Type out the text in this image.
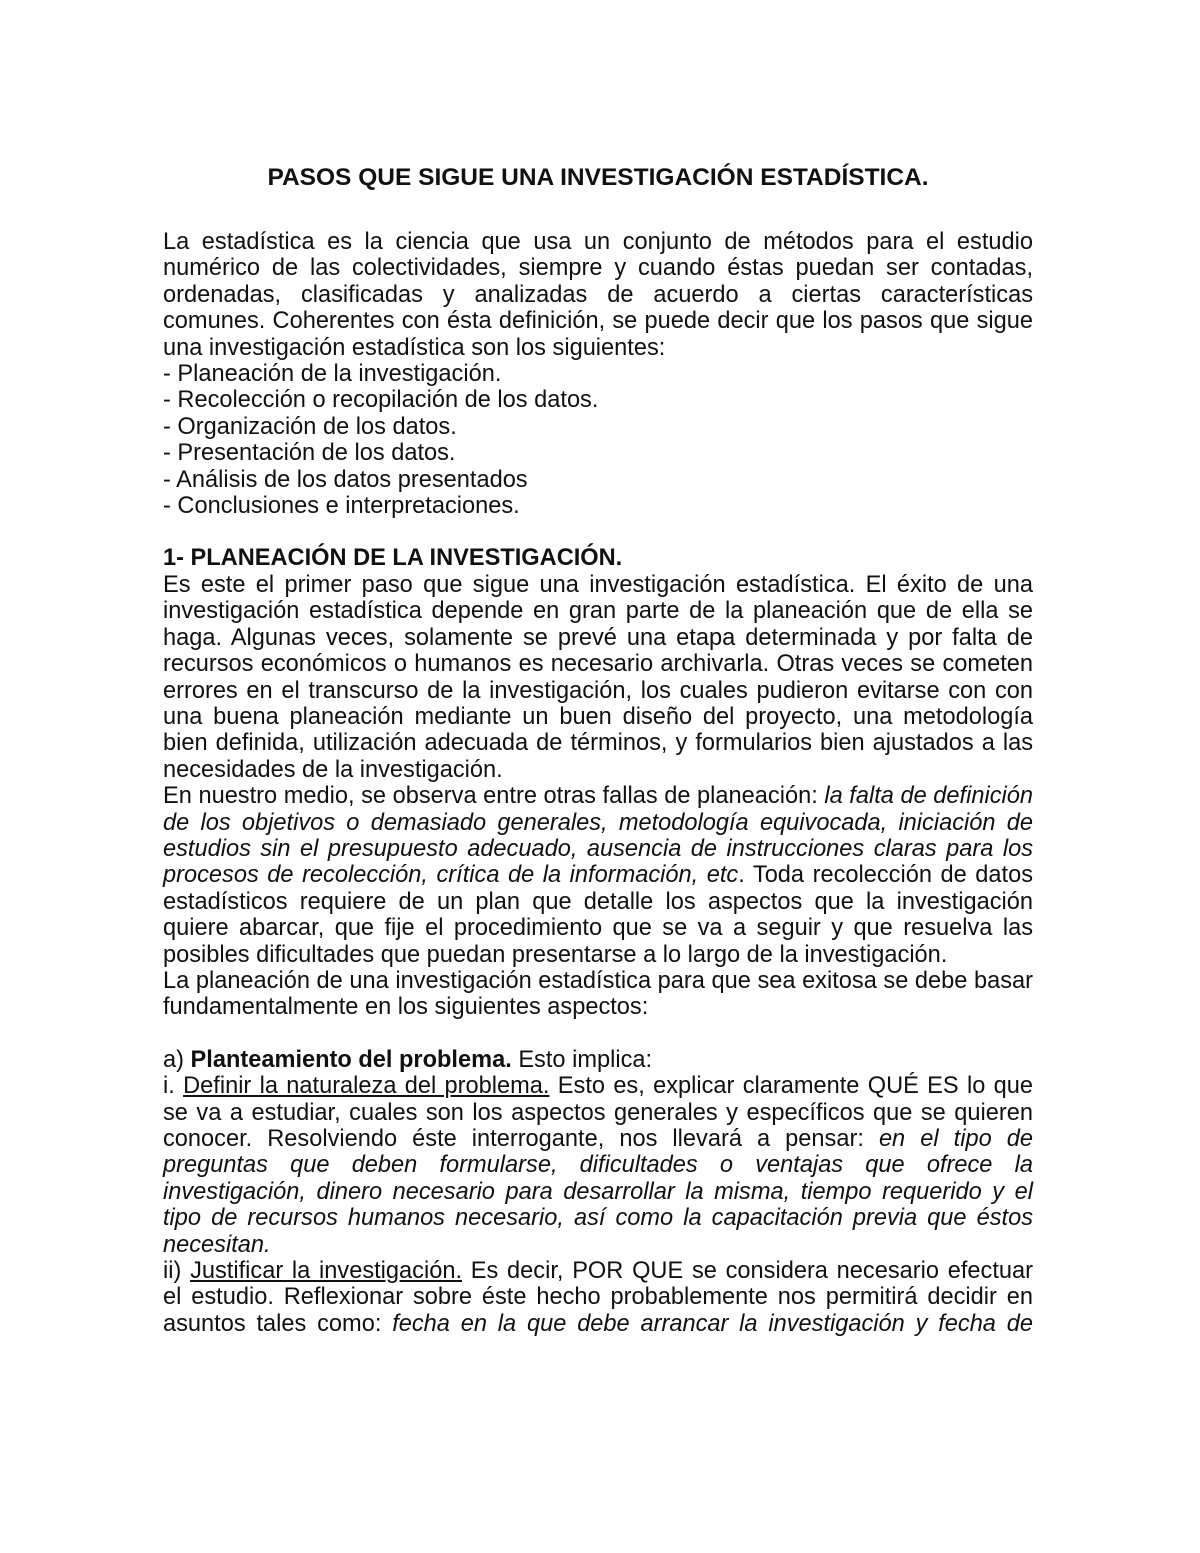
PASOS QUE SIGUE UNA INVESTIGACIÓN ESTADÍSTICA.

La estadística es la ciencia que usa un conjunto de métodos para el estudio numérico de las colectividades, siempre y cuando éstas puedan ser contadas, ordenadas, clasificadas y analizadas de acuerdo a ciertas características comunes. Coherentes con ésta definición, se puede decir que los pasos que sigue una investigación estadística son los siguientes:

- Planeación de la investigación.
- Recolección o recopilación de los datos.
- Organización de los datos.
- Presentación de los datos.
- Análisis de los datos presentados
- Conclusiones e interpretaciones.
1- PLANEACIÓN DE LA INVESTIGACIÓN.

Es este el primer paso que sigue una investigación estadística. El éxito de una investigación estadística depende en gran parte de la planeación que de ella se haga. Algunas veces, solamente se prevé una etapa determinada y por falta de recursos económicos o humanos es necesario archivarla. Otras veces se cometen errores en el transcurso de la investigación, los cuales pudieron evitarse con con una buena planeación mediante un buen diseño del proyecto, una metodología bien definida, utilización adecuada de términos, y formularios bien ajustados a las necesidades de la investigación.

En nuestro medio, se observa entre otras fallas de planeación: la falta de definición de los objetivos o demasiado generales, metodología equivocada, iniciación de estudios sin el presupuesto adecuado, ausencia de instrucciones claras para los procesos de recolección, crítica de la información, etc. Toda recolección de datos estadísticos requiere de un plan que detalle los aspectos que la investigación quiere abarcar, que fije el procedimiento que se va a seguir y que resuelva las posibles dificultades que puedan presentarse a lo largo de la investigación.

La planeación de una investigación estadística para que sea exitosa se debe basar fundamentalmente en los siguientes aspectos:

a) Planteamiento del problema. Esto implica:

i. Definir la naturaleza del problema. Esto es, explicar claramente QUÉ ES lo que se va a estudiar, cuales son los aspectos generales y específicos que se quieren conocer. Resolviendo éste interrogante, nos llevará a pensar: en el tipo de preguntas que deben formularse, dificultades o ventajas que ofrece la investigación, dinero necesario para desarrollar la misma, tiempo requerido y el tipo de recursos humanos necesario, así como la capacitación previa que éstos necesitan.

ii) Justificar la investigación. Es decir, POR QUE se considera necesario efectuar el estudio. Reflexionar sobre éste hecho probablemente nos permitirá decidir en asuntos tales como: fecha en la que debe arrancar la investigación y fecha de
